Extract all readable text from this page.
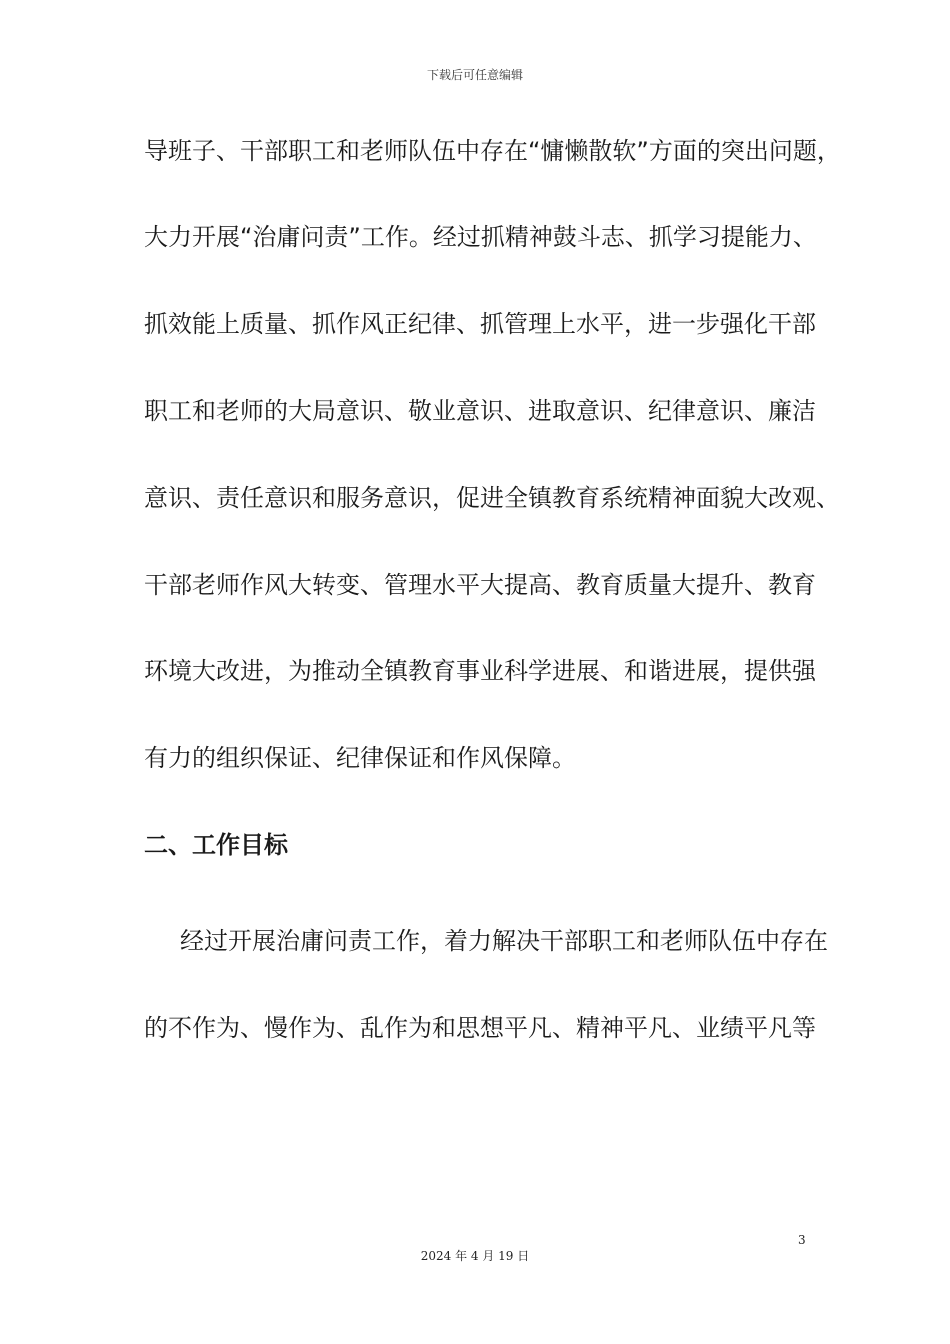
下载后可任意编辑
导班子、干部职工和老师队伍中存在“慵懒散软”方面的突出问题，
大力开展“治庸问责”工作。经过抓精神鼓斗志、抓学习提能力、
抓效能上质量、抓作风正纪律、抓管理上水平，进一步强化干部
职工和老师的大局意识、敬业意识、进取意识、纪律意识、廉洁
意识、责任意识和服务意识，促进全镇教育系统精神面貌大改观、
干部老师作风大转变、管理水平大提高、教育质量大提升、教育
环境大改进，为推动全镇教育事业科学进展、和谐进展，提供强
有力的组织保证、纪律保证和作风保障。
二、工作目标
经过开展治庸问责工作，着力解决干部职工和老师队伍中存在
的不作为、慢作为、乱作为和思想平凡、精神平凡、业绩平凡等
3
2024 年 4 月 19 日
